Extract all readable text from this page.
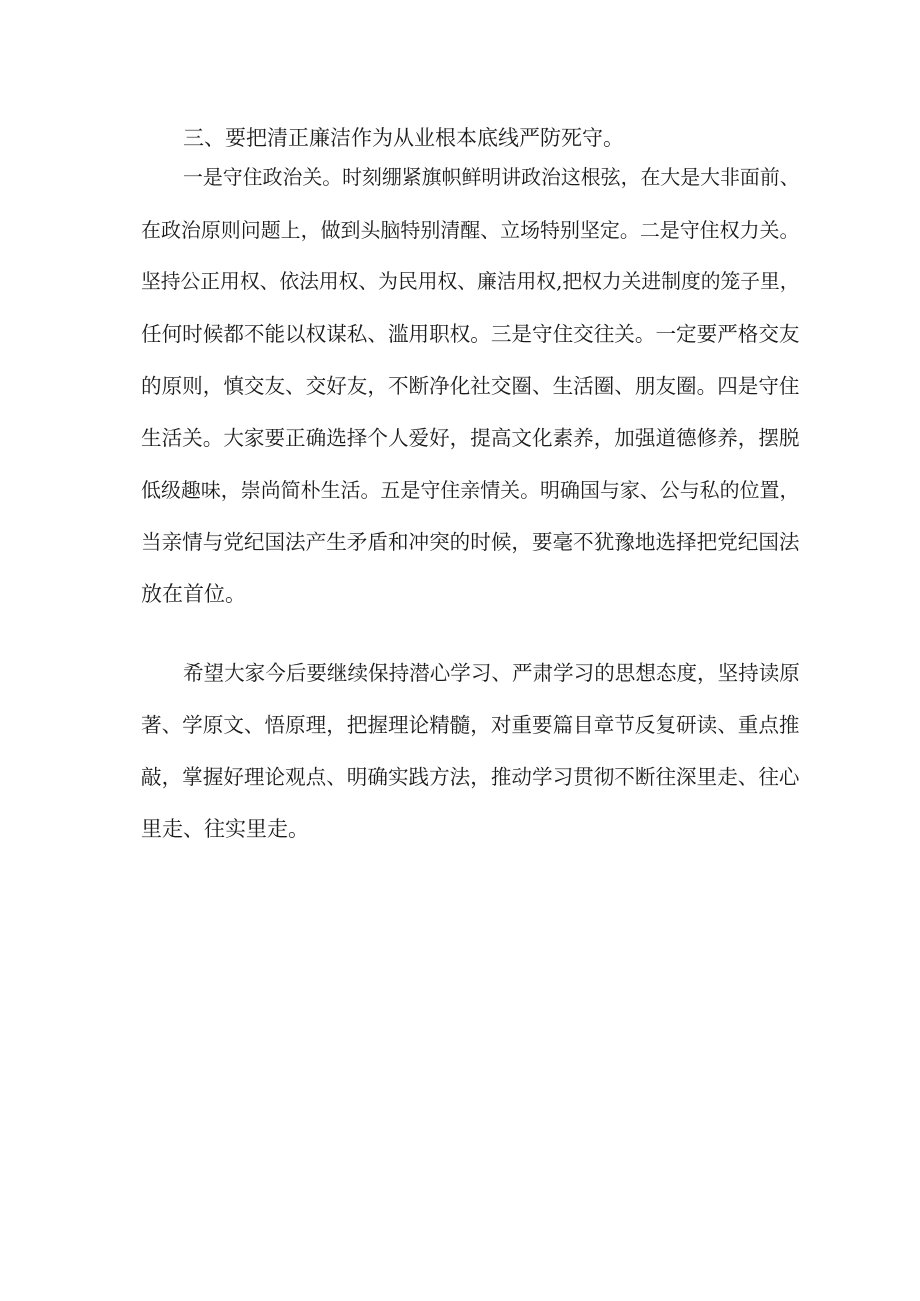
三、要把清正廉洁作为从业根本底线严防死守。
一是守住政治关。时刻绷紧旗帜鲜明讲政治这根弦，在大是大非面前、
在政治原则问题上，做到头脑特别清醒、立场特别坚定。二是守住权力关。
坚持公正用权、依法用权、为民用权、廉洁用权,把权力关进制度的笼子里，
任何时候都不能以权谋私、滥用职权。三是守住交往关。一定要严格交友
的原则，慎交友、交好友，不断净化社交圈、生活圈、朋友圈。四是守住
生活关。大家要正确选择个人爱好，提高文化素养，加强道德修养，摆脱
低级趣味，崇尚简朴生活。五是守住亲情关。明确国与家、公与私的位置，
当亲情与党纪国法产生矛盾和冲突的时候，要毫不犹豫地选择把党纪国法
放在首位。
希望大家今后要继续保持潜心学习、严肃学习的思想态度，坚持读原
著、学原文、悟原理，把握理论精髓，对重要篇目章节反复研读、重点推
敲，掌握好理论观点、明确实践方法，推动学习贯彻不断往深里走、往心
里走、往实里走。
